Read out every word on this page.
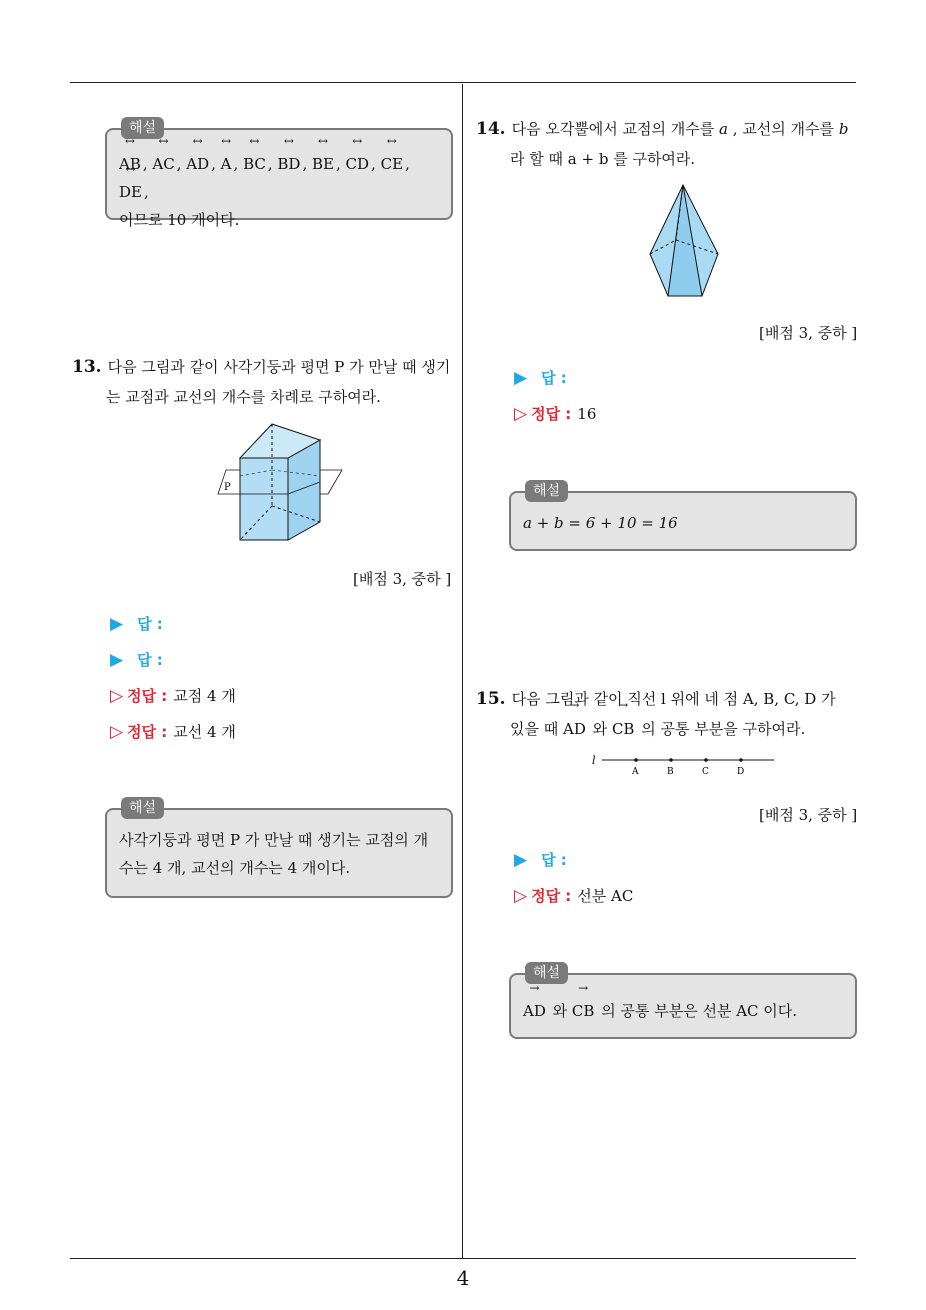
4
해설
↔ AB , ↔ AC , ↔ AD , ↔ A , ↔ BC , ↔ BD , ↔ BE , ↔ CD , ↔ CE , ↔ DE ,
이므로 10 개이다.
13. 다음 그림과 같이 사각기둥과 평면 P 가 만날 때 생기
는 교점과 교선의 개수를 차례로 구하여라.
P
[배점 3, 중하 ]
▶ 답 :
▶ 답 :
▷ 정답 : 교점 4 개
▷ 정답 : 교선 4 개
해설
사각기둥과 평면 P 가 만날 때 생기는 교점의 개
수는 4 개, 교선의 개수는 4 개이다.
14. 다음 오각뿔에서 교점의 개수를 a , 교선의 개수를 b
라 할 때 a + b 를 구하여라.
[배점 3, 중하 ]
▶ 답 :
▷ 정답 : 16
해설
a + b = 6 + 10 = 16
15. 다음 그림과 같이 직선 l 위에 네 점 A, B, C, D 가
있을 때 → AD 와 → CB 의 공통 부분을 구하여라.
l
A	B	C	D
[배점 3, 중하 ]
▶ 답 :
▷ 정답 : 선분 AC
해설
→ AD 와 → CB 의 공통 부분은 선분 AC 이다.
